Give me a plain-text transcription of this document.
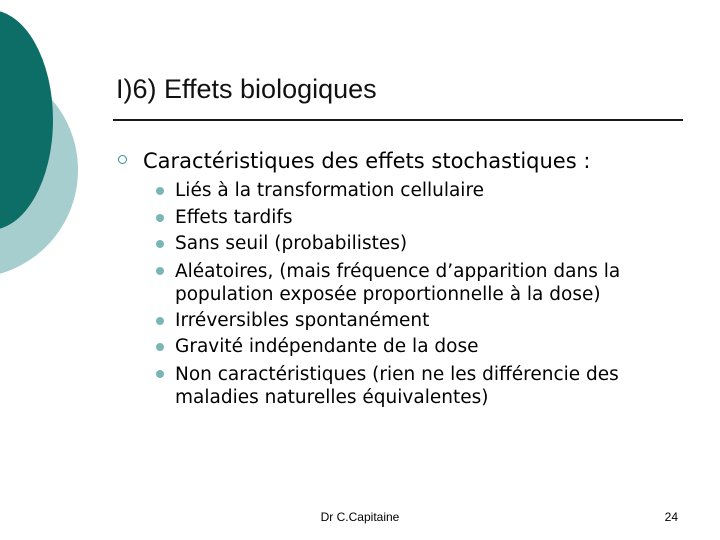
I)6) Effets biologiques
Caractéristiques des effets stochastiques :
Liés à la transformation cellulaire
Effets tardifs
Sans seuil (probabilistes)
Aléatoires, (mais fréquence d’apparition dans la population exposée proportionnelle à la dose)
Irréversibles spontanément
Gravité indépendante de la dose
Non caractéristiques (rien ne les différencie des maladies naturelles équivalentes)
Dr C.Capitaine	24
